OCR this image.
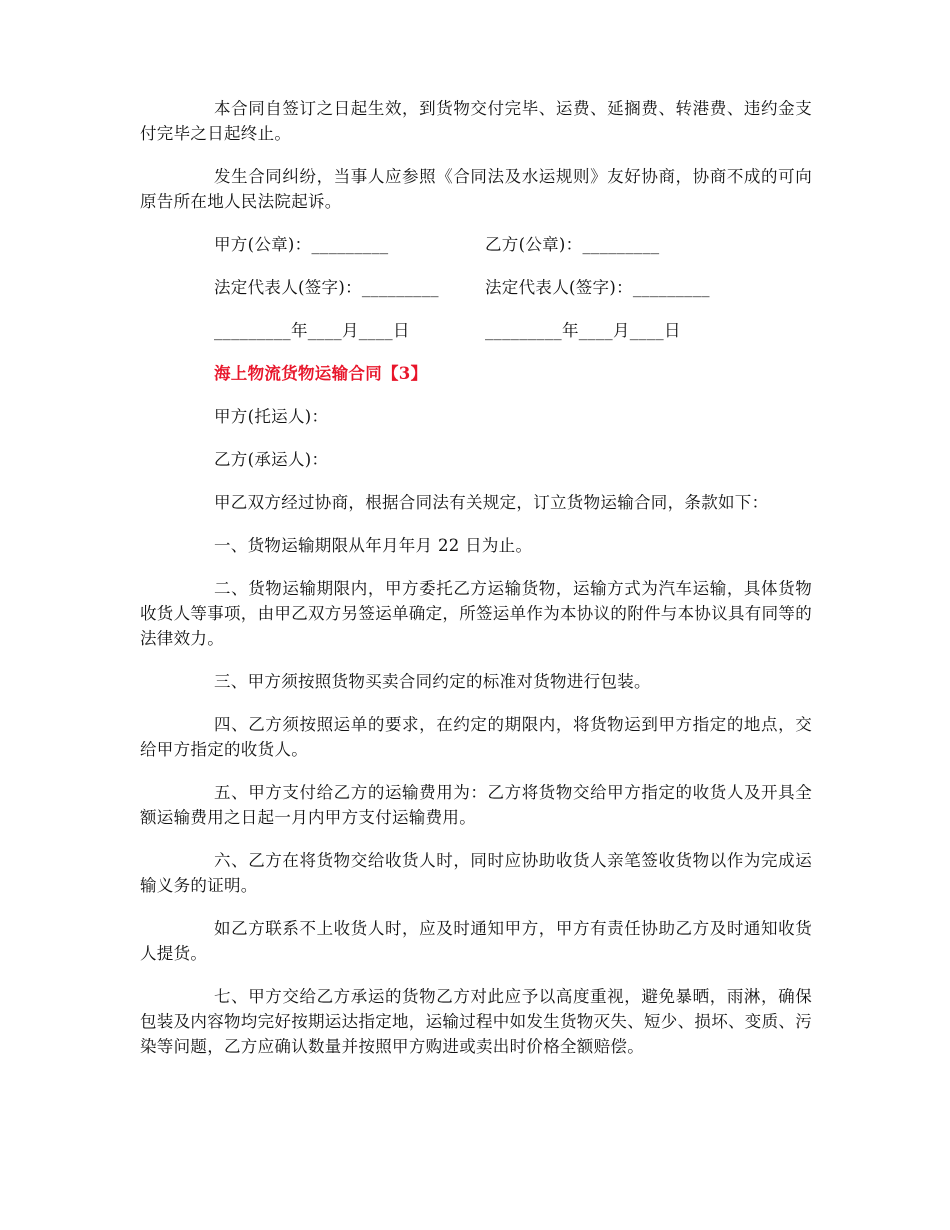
本合同自签订之日起生效，到货物交付完毕、运费、延搁费、转港费、违约金支付完毕之日起终止。

发生合同纠纷，当事人应参照《合同法及水运规则》友好协商，协商不成的可向原告所在地人民法院起诉。

甲方(公章)：_________	乙方(公章)：_________
法定代表人(签字)：_________	法定代表人(签字)：_________
_________年____月____日	_________年____月____日
海上物流货物运输合同【3】
甲方(托运人)：
乙方(承运人)：

甲乙双方经过协商，根据合同法有关规定，订立货物运输合同，条款如下：

一、货物运输期限从年月年月 22 日为止。

二、货物运输期限内，甲方委托乙方运输货物，运输方式为汽车运输，具体货物收货人等事项，由甲乙双方另签运单确定，所签运单作为本协议的附件与本协议具有同等的法律效力。

三、甲方须按照货物买卖合同约定的标准对货物进行包装。

四、乙方须按照运单的要求，在约定的期限内，将货物运到甲方指定的地点，交给甲方指定的收货人。

五、甲方支付给乙方的运输费用为：乙方将货物交给甲方指定的收货人及开具全额运输费用之日起一月内甲方支付运输费用。

六、乙方在将货物交给收货人时，同时应协助收货人亲笔签收货物以作为完成运输义务的证明。

如乙方联系不上收货人时，应及时通知甲方，甲方有责任协助乙方及时通知收货人提货。

七、甲方交给乙方承运的货物乙方对此应予以高度重视，避免暴晒，雨淋，确保包装及内容物均完好按期运达指定地，运输过程中如发生货物灭失、短少、损坏、变质、污染等问题，乙方应确认数量并按照甲方购进或卖出时价格全额赔偿。
